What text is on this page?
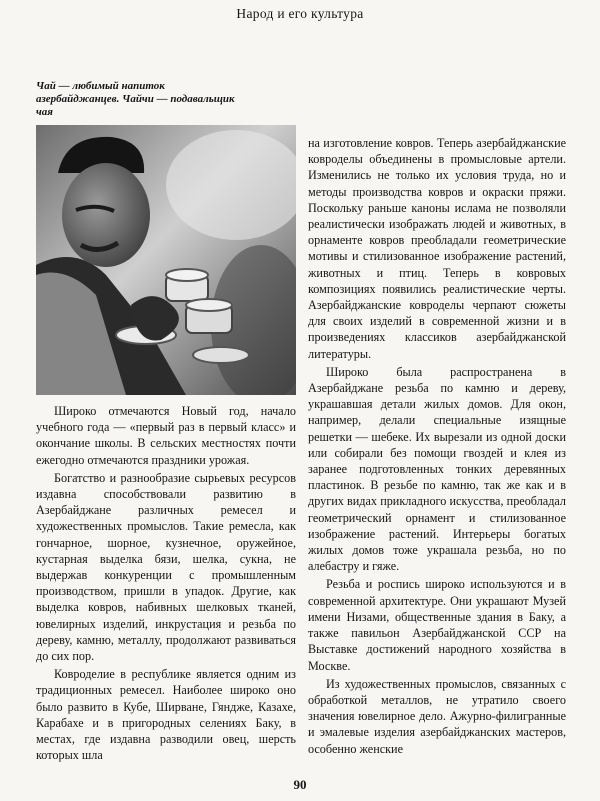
Народ и его культура
Чай — любимый напиток азербайджанцев. Чайчи — подавальщик чая

Широко отмечаются Новый год, начало учебного года — «первый раз в первый класс» и окончание школы. В сельских местностях почти ежегодно отмечаются праздники урожая.

Богатство и разнообразие сырьевых ресурсов издавна способствовали развитию в Азербайджане различных ремесел и художественных промыслов. Такие ремесла, как гончарное, шорное, кузнечное, оружейное, кустарная выделка бязи, шелка, сукна, не выдержав конкуренции с промышленным производством, пришли в упадок. Другие, как выделка ковров, набивных шелковых тканей, ювелирных изделий, инкрустация и резьба по дереву, камню, металлу, продолжают развиваться до сих пор.

Ковроделие в республике является одним из традиционных ремесел. Наиболее широко оно было развито в Кубе, Ширване, Гяндже, Казахе, Карабахе и в пригородных селениях Баку, в местах, где издавна разводили овец, шерсть которых шла

на изготовление ковров. Теперь азербайджанские ковроделы объединены в промысловые артели. Изменились не только их условия труда, но и методы производства ковров и окраски пряжи. Поскольку раньше каноны ислама не позволяли реалистически изображать людей и животных, в орнаменте ковров преобладали геометрические мотивы и стилизованное изображение растений, животных и птиц. Теперь в ковровых композициях появились реалистические черты. Азербайджанские ковроделы черпают сюжеты для своих изделий в современной жизни и в произведениях классиков азербайджанской литературы.

Широко была распространена в Азербайджане резьба по камню и дереву, украшавшая детали жилых домов. Для окон, например, делали специальные изящные решетки — шебеке. Их вырезали из одной доски или собирали без помощи гвоздей и клея из заранее подготовленных тонких деревянных пластинок. В резьбе по камню, так же как и в других видах прикладного искусства, преобладал геометрический орнамент и стилизованное изображение растений. Интерьеры богатых жилых домов тоже украшала резьба, но по алебастру и гяже.

Резьба и роспись широко используются и в современной архитектуре. Они украшают Музей имени Низами, общественные здания в Баку, а также павильон Азербайджанской ССР на Выставке достижений народного хозяйства в Москве.

Из художественных промыслов, связанных с обработкой металлов, не утратило своего значения ювелирное дело. Ажурно-филигранные и эмалевые изделия азербайджанских мастеров, особенно женские

90
